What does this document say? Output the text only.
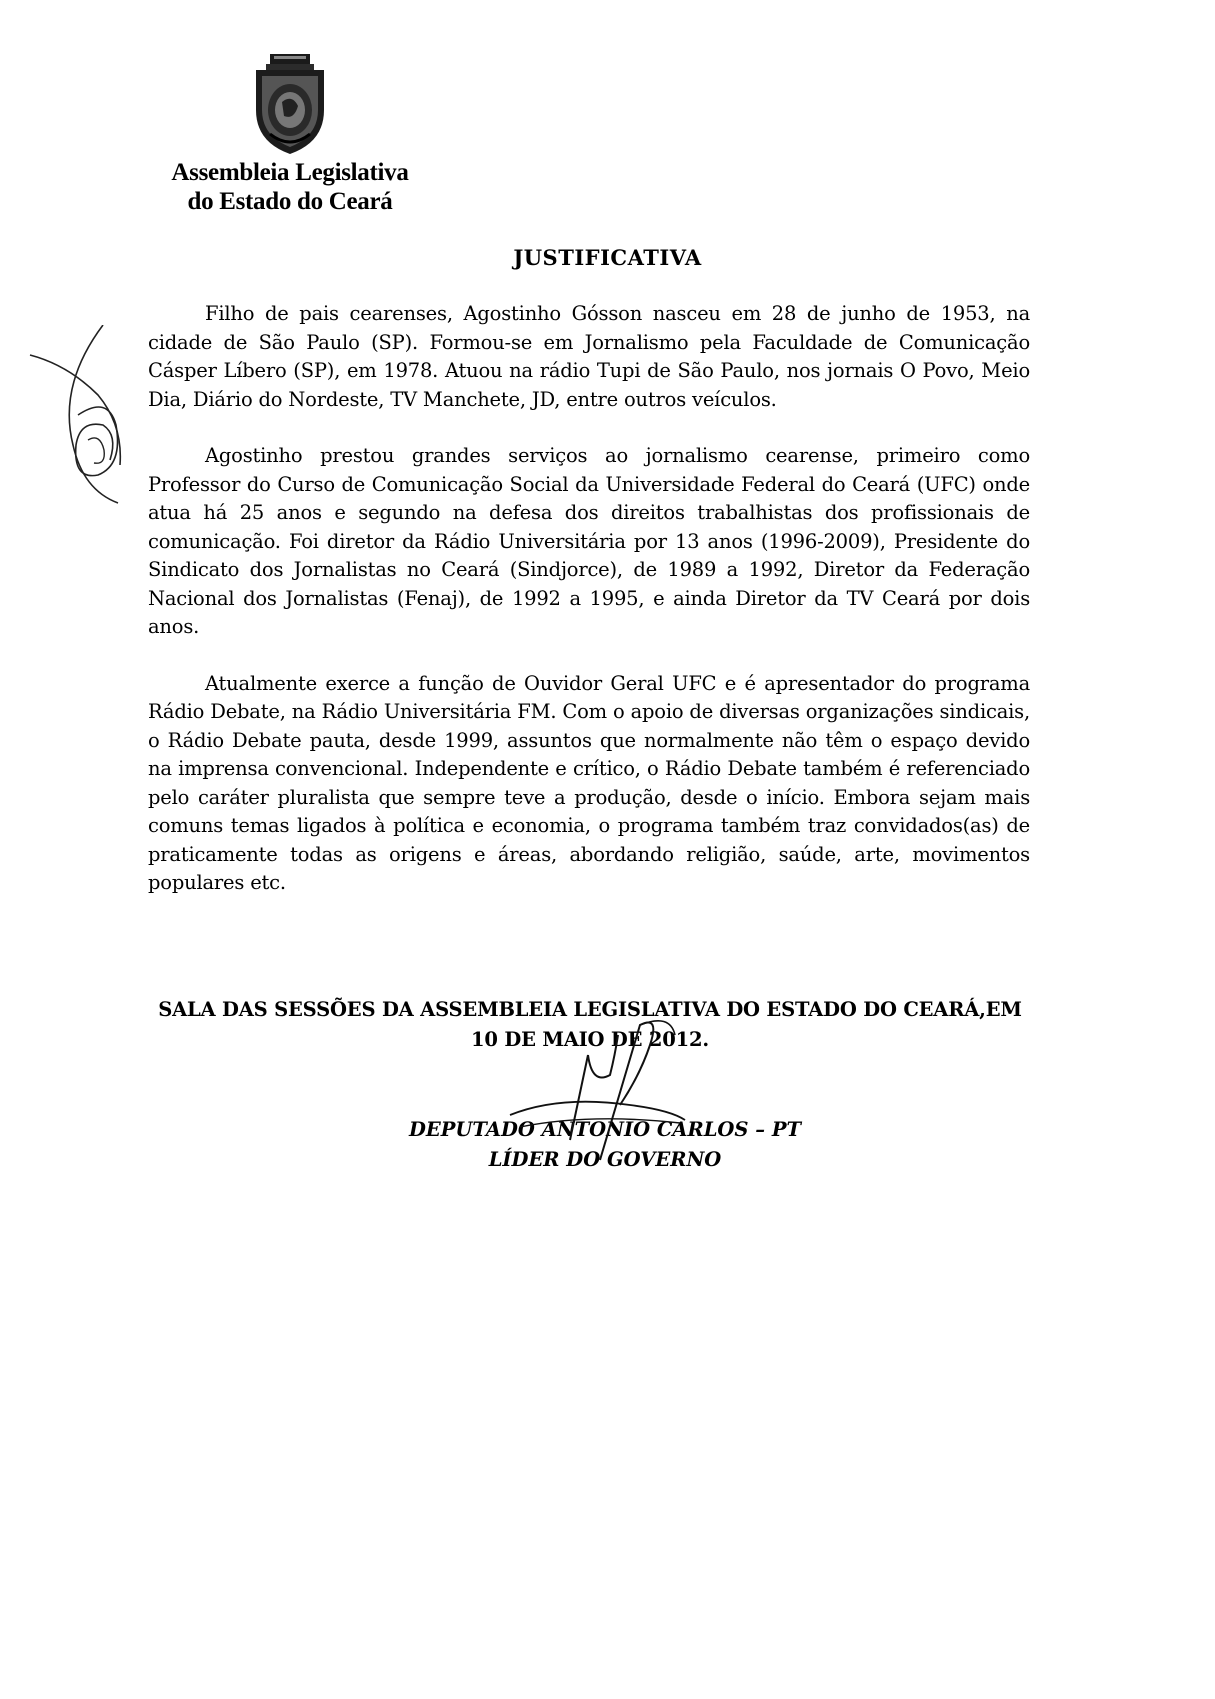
Assembleia Legislativa
do Estado do Ceará
JUSTIFICATIVA

Filho de pais cearenses, Agostinho Gósson nasceu em 28 de junho de 1953, na cidade de São Paulo (SP). Formou-se em Jornalismo pela Faculdade de Comunicação Cásper Líbero (SP), em 1978. Atuou na rádio Tupi de São Paulo, nos jornais O Povo, Meio Dia, Diário do Nordeste, TV Manchete, JD, entre outros veículos.

Agostinho prestou grandes serviços ao jornalismo cearense, primeiro como Professor do Curso de Comunicação Social da Universidade Federal do Ceará (UFC) onde atua há 25 anos e segundo na defesa dos direitos trabalhistas dos profissionais de comunicação. Foi diretor da Rádio Universitária por 13 anos (1996-2009), Presidente do Sindicato dos Jornalistas no Ceará (Sindjorce), de 1989 a 1992, Diretor da Federação Nacional dos Jornalistas (Fenaj), de 1992 a 1995, e ainda Diretor da TV Ceará por dois anos.

Atualmente exerce a função de Ouvidor Geral UFC e é apresentador do programa Rádio Debate, na Rádio Universitária FM. Com o apoio de diversas organizações sindicais, o Rádio Debate pauta, desde 1999, assuntos que normalmente não têm o espaço devido na imprensa convencional. Independente e crítico, o Rádio Debate também é referenciado pelo caráter pluralista que sempre teve a produção, desde o início. Embora sejam mais comuns temas ligados à política e economia, o programa também traz convidados(as) de praticamente todas as origens e áreas, abordando religião, saúde, arte, movimentos populares etc.

SALA DAS SESSÕES DA ASSEMBLEIA LEGISLATIVA DO ESTADO DO CEARÁ,EM
10 DE MAIO DE 2012.
DEPUTADO ANTONIO CARLOS – PT
LÍDER DO GOVERNO
